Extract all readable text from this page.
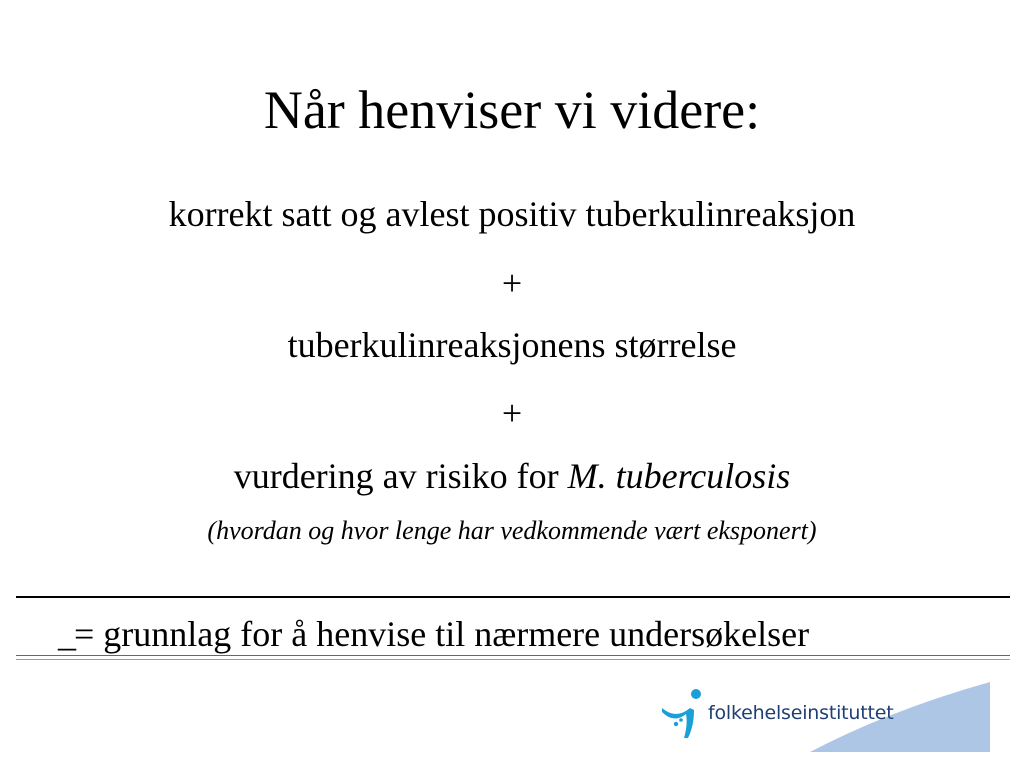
Når henviser vi videre:
korrekt satt og avlest positiv tuberkulinreaksjon
+
tuberkulinreaksjonens størrelse
+
vurdering av risiko for M. tuberculosis
(hvordan og hvor lenge har vedkommende vært eksponert)
_
= grunnlag for å henvise til nærmere undersøkelser
folkehelseinstituttet
